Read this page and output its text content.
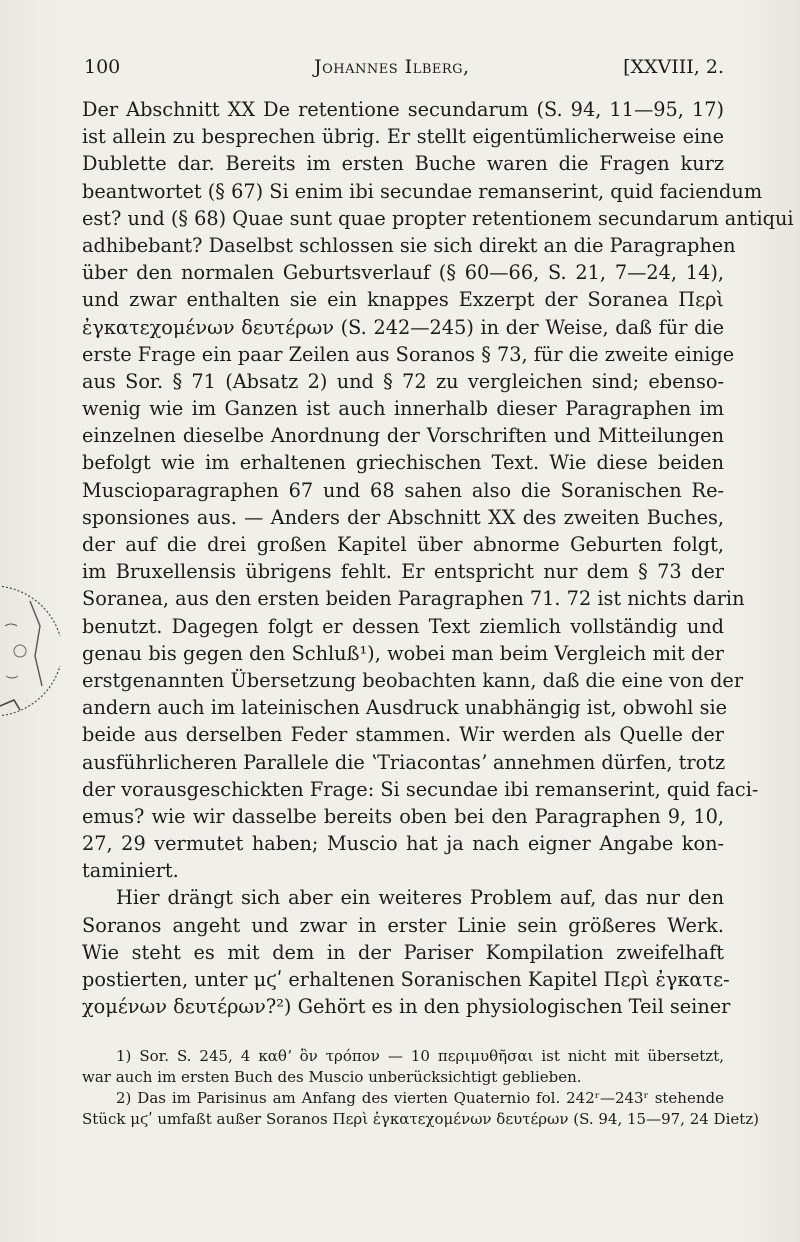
100	Johannes Ilberg,	[XXVIII, 2.
Der Abschnitt XX De retentione secundarum (S. 94, 11—95, 17)
ist allein zu besprechen übrig. Er stellt eigentümlicherweise eine
Dublette dar. Bereits im ersten Buche waren die Fragen kurz
beantwortet (§ 67) Si enim ibi secundae remanserint, quid faciendum
est? und (§ 68) Quae sunt quae propter retentionem secundarum antiqui
adhibebant? Daselbst schlossen sie sich direkt an die Paragraphen
über den normalen Geburtsverlauf (§ 60—66, S. 21, 7—24, 14),
und zwar enthalten sie ein knappes Exzerpt der Soranea Περὶ
ἐγκατεχομένων δευτέρων (S. 242—245) in der Weise, daß für die
erste Frage ein paar Zeilen aus Soranos § 73, für die zweite einige
aus Sor. § 71 (Absatz 2) und § 72 zu vergleichen sind; ebenso-
wenig wie im Ganzen ist auch innerhalb dieser Paragraphen im
einzelnen dieselbe Anordnung der Vorschriften und Mitteilungen
befolgt wie im erhaltenen griechischen Text. Wie diese beiden
Muscioparagraphen 67 und 68 sahen also die Soranischen Re-
sponsiones aus. — Anders der Abschnitt XX des zweiten Buches,
der auf die drei großen Kapitel über abnorme Geburten folgt,
im Bruxellensis übrigens fehlt. Er entspricht nur dem § 73 der
Soranea, aus den ersten beiden Paragraphen 71. 72 ist nichts darin
benutzt. Dagegen folgt er dessen Text ziemlich vollständig und
genau bis gegen den Schluß¹), wobei man beim Vergleich mit der
erstgenannten Übersetzung beobachten kann, daß die eine von der
andern auch im lateinischen Ausdruck unabhängig ist, obwohl sie
beide aus derselben Feder stammen. Wir werden als Quelle der
ausführlicheren Parallele die ʽTriacontasʼ annehmen dürfen, trotz
der vorausgeschickten Frage: Si secundae ibi remanserint, quid faci-
emus? wie wir dasselbe bereits oben bei den Paragraphen 9, 10,
27, 29 vermutet haben; Muscio hat ja nach eigner Angabe kon-
taminiert.
Hier drängt sich aber ein weiteres Problem auf, das nur den
Soranos angeht und zwar in erster Linie sein größeres Werk.
Wie steht es mit dem in der Pariser Kompilation zweifelhaft
postierten, unter μϛʹ erhaltenen Soranischen Kapitel Περὶ ἐγκατε-
χομένων δευτέρων?²) Gehört es in den physiologischen Teil seiner
1) Sor. S. 245, 4 καθʼ ὃν τρόπον — 10 περιμυθῆσαι ist nicht mit übersetzt,
war auch im ersten Buch des Muscio unberücksichtigt geblieben.
2) Das im Parisinus am Anfang des vierten Quaternio fol. 242ʳ—243ʳ stehende
Stück μϛʹ umfaßt außer Soranos Περὶ ἐγκατεχομένων δευτέρων (S. 94, 15—97, 24 Dietz)
